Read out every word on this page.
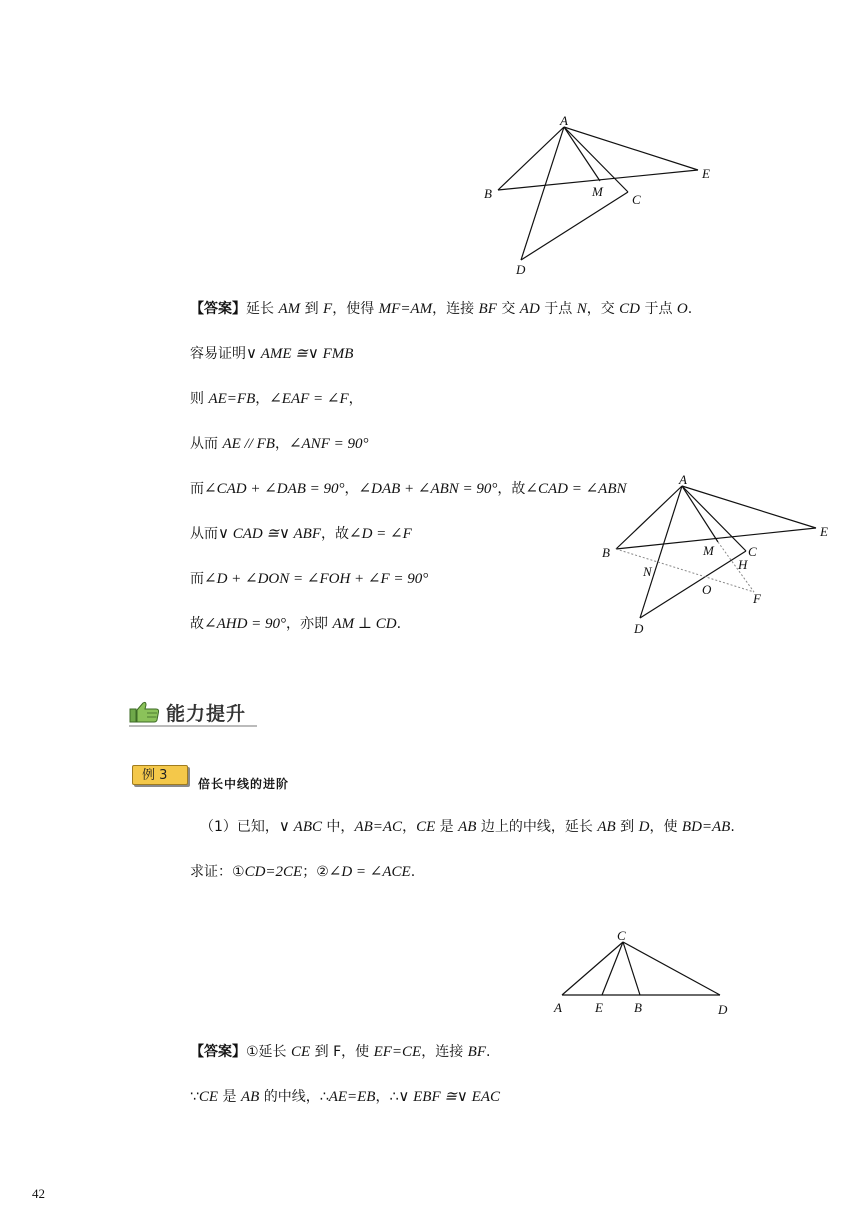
A
B	M
C
E
D
【答案】延长 AM 到 F，使得 MF=AM，连接 BF 交 AD 于点 N，交 CD 于点 O.
容易证明∨ AME ≅∨ FMB
则 AE=FB，∠EAF = ∠F，
从而 AE // FB，∠ANF = 90°
而∠CAD + ∠DAB = 90°，∠DAB + ∠ABN = 90°，故∠CAD = ∠ABN
从而∨ CAD ≅∨ ABF，故∠D = ∠F
而∠D + ∠DON = ∠FOH + ∠F = 90°
故∠AHD = 90°，亦即 AM ⊥ CD.
A
B	M	C
H
E
N
O
F
D
能力提升
例 3
倍长中线的进阶
（1）已知，∨ ABC 中，AB=AC，CE 是 AB 边上的中线，延长 AB 到 D，使 BD=AB.
求证：①CD=2CE；②∠D = ∠ACE.
C
A	E B	D
【答案】①延长 CE 到 F，使 EF=CE，连接 BF.
∵CE 是 AB 的中线，∴AE=EB，∴∨ EBF ≅∨ EAC
42
